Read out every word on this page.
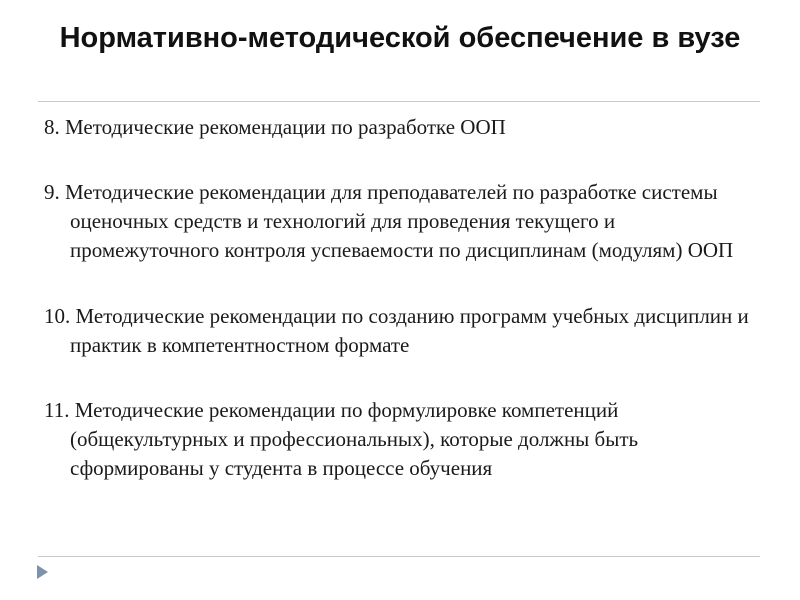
Нормативно-методической обеспечение в вузе
8. Методические рекомендации по разработке ООП
9. Методические рекомендации для преподавателей по разработке системы оценочных средств и технологий для проведения текущего и промежуточного контроля успеваемости по дисциплинам (модулям) ООП
10. Методические рекомендации по созданию программ учебных дисциплин и практик в компетентностном формате
11. Методические рекомендации по формулировке компетенций (общекультурных и профессиональных), которые должны быть сформированы у студента в процессе обучения
